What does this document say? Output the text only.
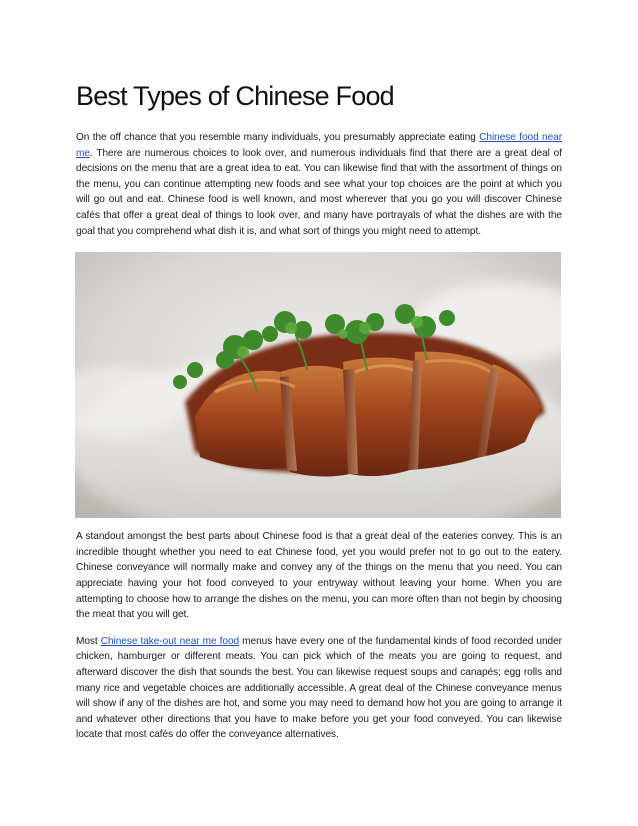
Best Types of Chinese Food

On the off chance that you resemble many individuals, you presumably appreciate eating Chinese food near me. There are numerous choices to look over, and numerous individuals find that there are a great deal of decisions on the menu that are a great idea to eat. You can likewise find that with the assortment of things on the menu, you can continue attempting new foods and see what your top choices are the point at which you will go out and eat. Chinese food is well known, and most wherever that you go you will discover Chinese cafés that offer a great deal of things to look over, and many have portrayals of what the dishes are with the goal that you comprehend what dish it is, and what sort of things you might need to attempt.

A standout amongst the best parts about Chinese food is that a great deal of the eateries convey. This is an incredible thought whether you need to eat Chinese food, yet you would prefer not to go out to the eatery. Chinese conveyance will normally make and convey any of the things on the menu that you need. You can appreciate having your hot food conveyed to your entryway without leaving your home. When you are attempting to choose how to arrange the dishes on the menu, you can more often than not begin by choosing the meat that you will get.

Most Chinese take-out near me food menus have every one of the fundamental kinds of food recorded under chicken, hamburger or different meats. You can pick which of the meats you are going to request, and afterward discover the dish that sounds the best. You can likewise request soups and canapés; egg rolls and many rice and vegetable choices are additionally accessible. A great deal of the Chinese conveyance menus will show if any of the dishes are hot, and some you may need to demand how hot you are going to arrange it and whatever other directions that you have to make before you get your food conveyed. You can likewise locate that most cafés do offer the conveyance alternatives.
